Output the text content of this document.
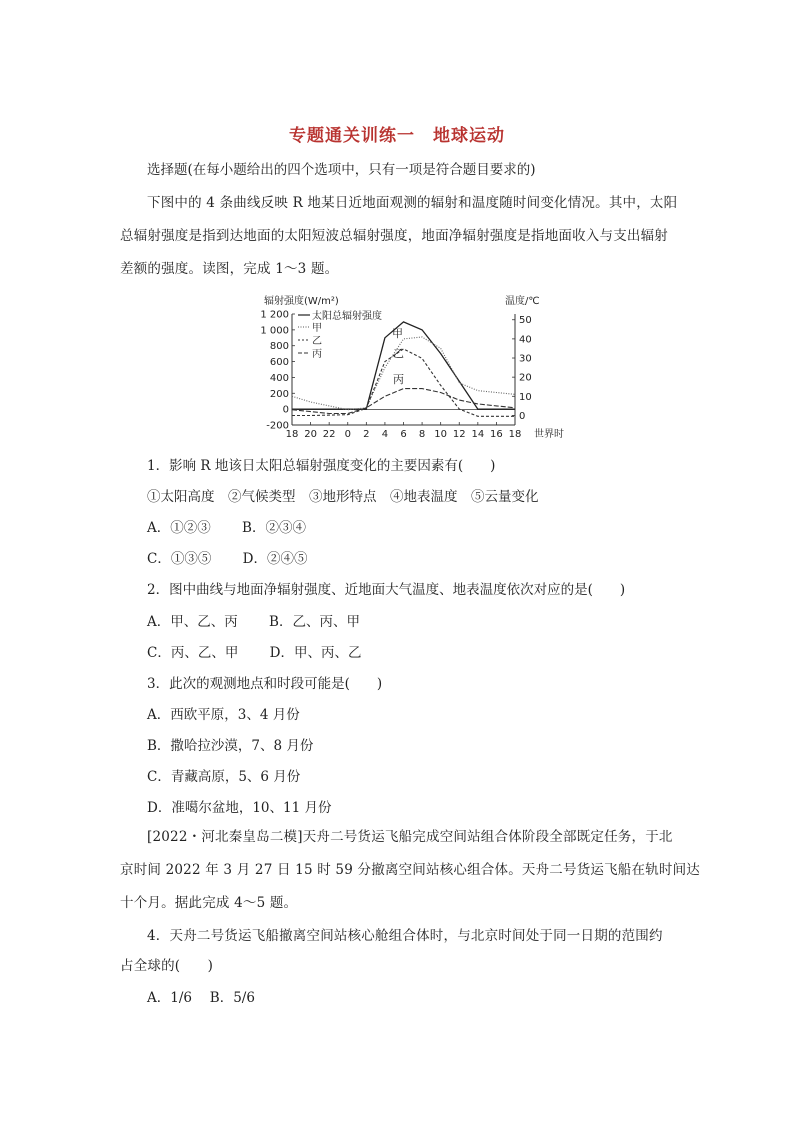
专题通关训练一　地球运动
选择题(在每小题给出的四个选项中，只有一项是符合题目要求的)
下图中的 4 条曲线反映 R 地某日近地面观测的辐射和温度随时间变化情况。其中，太阳
总辐射强度是指到达地面的太阳短波总辐射强度，地面净辐射强度是指地面收入与支出辐射
差额的强度。读图，完成 1～3 题。
辐射强度(W/m²)	温度/℃
世界时
1 200
1 000
800
600
400
200
0
-200
50
40
30
20
10
0
18 20 22 0 2 4 6 8 10 12 14 16 18
太阳总辐射强度
甲
乙
丙
甲
乙
丙
1．影响 R 地该日太阳总辐射强度变化的主要因素有(　　)
①太阳高度　②气候类型　③地形特点　④地表温度　⑤云量变化
A．①②③　　 B．②③④
C．①③⑤　　 D．②④⑤
2．图中曲线与地面净辐射强度、近地面大气温度、地表温度依次对应的是(　　)
A．甲、乙、丙　　 B．乙、丙、甲
C．丙、乙、甲　　 D．甲、丙、乙
3．此次的观测地点和时段可能是(　　)
A．西欧平原，3、4 月份
B．撒哈拉沙漠，7、8 月份
C．青藏高原，5、6 月份
D．准噶尔盆地，10、11 月份
[2022・河北秦皇岛二模]天舟二号货运飞船完成空间站组合体阶段全部既定任务，于北
京时间 2022 年 3 月 27 日 15 时 59 分撤离空间站核心组合体。天舟二号货运飞船在轨时间达
十个月。据此完成 4～5 题。
4．天舟二号货运飞船撤离空间站核心舱组合体时，与北京时间处于同一日期的范围约
占全球的(　　)
A．1/6　 B．5/6
